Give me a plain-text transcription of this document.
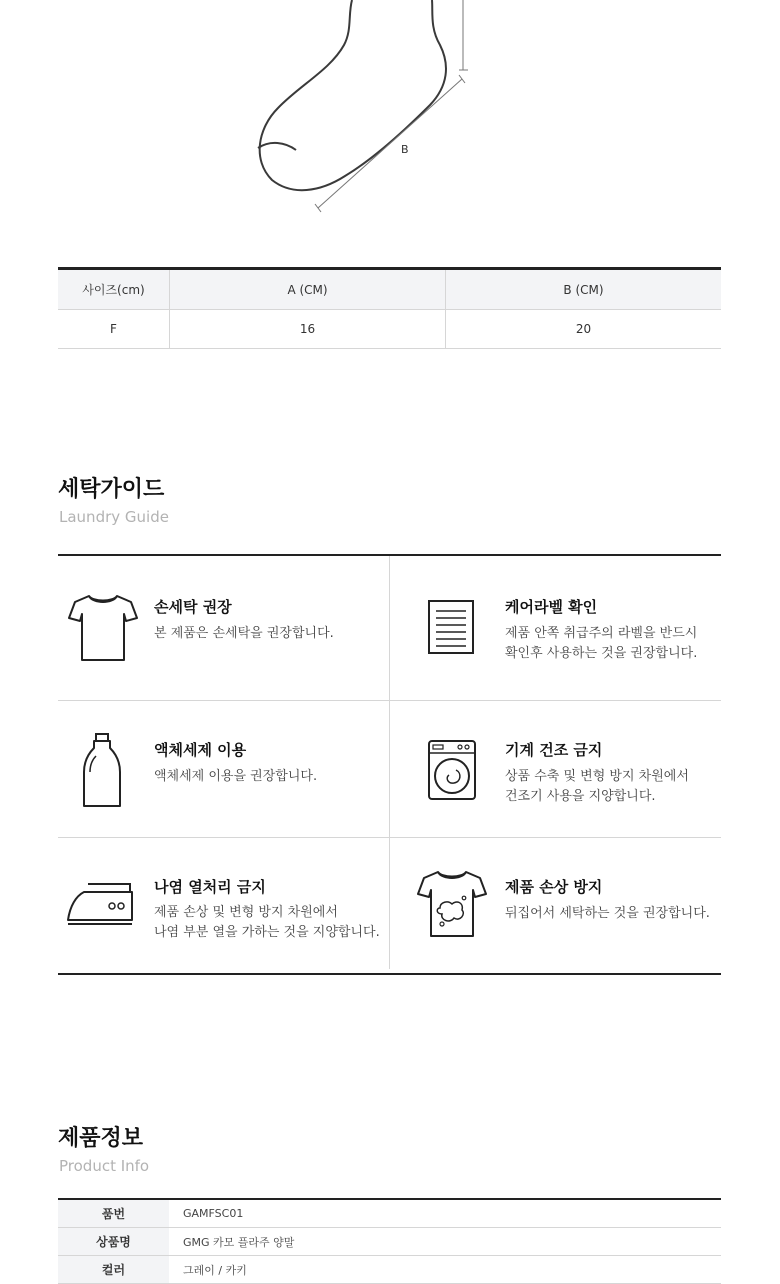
B
사이즈(cm)	A (CM)	B (CM)
F	16	20
세탁가이드
Laundry Guide
손세탁 권장
본 제품은 손세탁을 권장합니다.
케어라벨 확인
제품 안쪽 취급주의 라벨을 반드시
확인후 사용하는 것을 권장합니다.
액체세제 이용
액체세제 이용을 권장합니다.
기계 건조 금지
상품 수축 및 변형 방지 차원에서
건조기 사용을 지양합니다.
나염 열처리 금지
제품 손상 및 변형 방지 차원에서
나염 부분 열을 가하는 것을 지양합니다.
제품 손상 방지
뒤집어서 세탁하는 것을 권장합니다.
제품정보
Product Info
품번	GAMFSC01
상품명	GMG 카모 플라주 양말
컬러	그레이 / 카키
